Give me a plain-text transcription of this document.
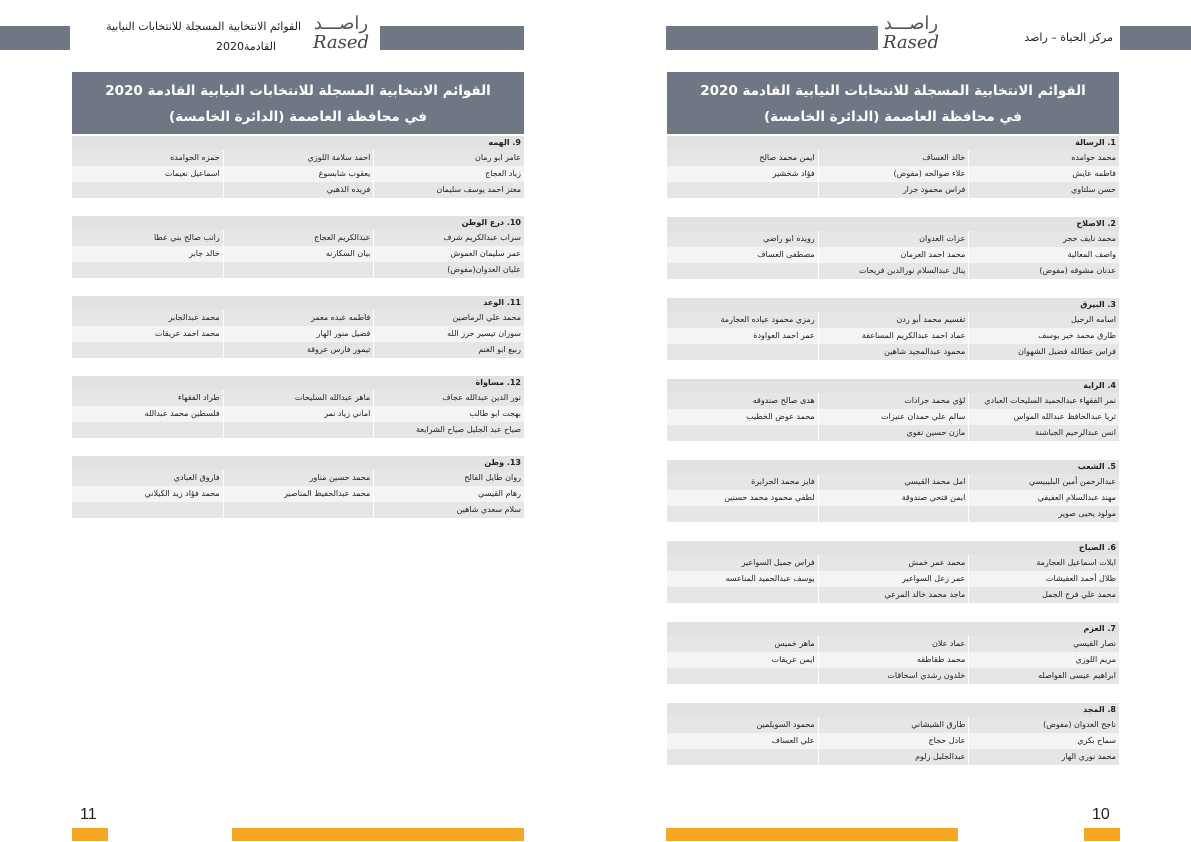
القوائم الانتخابية المسجلة للانتخابات النيابية
القادمة2020
راصـــد
Rased
راصـــد
Rased	مركز الحياة – راصد
القوائم الانتخابية المسجلة للانتخابات النيابية القادمة 2020
في محافظة العاصمة (الدائرة الخامسة)
9. الهمه
عامر ابو رمان
احمد سلامة اللوزي
حمزه الحوامده
زياد العجاج
يعقوب شابسوغ
اسماعيل نعيمات
معتز احمد يوسف سليمان
فريده الذهبي
10. درع الوطن
سراب عبدالكريم شرف
عبدالكريم العجاج
راتب صالح بني عطا
عمر سليمان العموش
بيان السكارنه
خالد جابر
عليان العدوان(مفوض)
11. الوعد
محمد علي الرماضين
فاطمه عبده معمر
محمد عبدالجابر
سوزان تيسير حرز الله
فضيل منور الهار
محمد احمد عريقات
ربيع ابو الغنم
تيمور فارس عروقة
12. مساواة
نور الدين عبدالله عجاف
ماهر عبدالله السليحات
طراد الفقهاء
بهجت ابو طالب
اماني زياد نمر
فلسطين محمد عبدالله
صياح عبد الجليل صياح الشرايعة
13. وطن
روان طايل الفالح
محمد حسين مناور
فاروق العبادي
رهام القيسي
محمد عبدالحفيظ المناصير
محمد فؤاد زيد الكيلاني
سلام سعدي شاهين
القوائم الانتخابية المسجلة للانتخابات النيابية القادمة 2020
في محافظة العاصمة (الدائرة الخامسة)
1. الرسالة
محمد حوامده
خالد العساف
ايمن محمد صالح
فاطمه عايش
علاء صوالحه (مفوض)
فؤاد شخشير
حسن سلتاوي
فراس محمود جرار
2. الاصلاح
محمد نايف حجر
عزات العدوان
رويده ابو راضي
واصف المعالية
محمد احمد العرمان
مصطفى العساف
عدنان مشوقه (مفوض)
ينال عبدالسلام نورالدين فريحات
3. البيرق
اسامه الرحيل
تقسيم محمد أبو ردن
رمزي محمود عياده العجارمة
طارق محمد خير يوسف
عماد احمد عبدالكريم المساعفة
عمر احمد العواودة
فراس عطالله فضيل الشهوان
محمود عبدالمجيد شاهين
4. الراية
نمر الفقهاء عبدالحميد السليحات العبادي
لؤي محمد جرادات
هدى صالح صندوقه
ثريا عبدالحافظ عبدالله المواس
سالم علي حمدان عنيزات
محمد عوض الخطيب
انس عبدالرحيم الجباشنة
مازن حسين نفوي
5. الشعب
عبدالرحمن أمين البليبيسي
امل محمد القيسي
فايز محمد الجرايرة
مهند عبدالسلام العفيفي
ايمن فتحي صندوقة
لطفي محمود محمد حسنين
مولود يحيى صوير
6. الصباح
ايلات اسماعيل العجارمة
محمد عمر خمش
فراس جميل السواعير
طلال أحمد العفيشات
عمر زعل السواعير
يوسف عبدالحميد المناعسه
محمد علي فرج الجمل
ماجد محمد خالد المرعي
7. العزم
نصار القيسي
عماد علان
ماهر خميس
مريم اللوزي
محمد طقاطقه
ايمن عريقات
ابراهيم عيسى الفواصله
خلدون رشدي اسحاقات
8. المجد
ناجح العدوان (مفوض)
طارق الشيشاني
محمود السويلمين
سماح بكري
عادل حجاج
علي العساف
محمد نوري الهار
عبدالجليل زلوم
11	10
